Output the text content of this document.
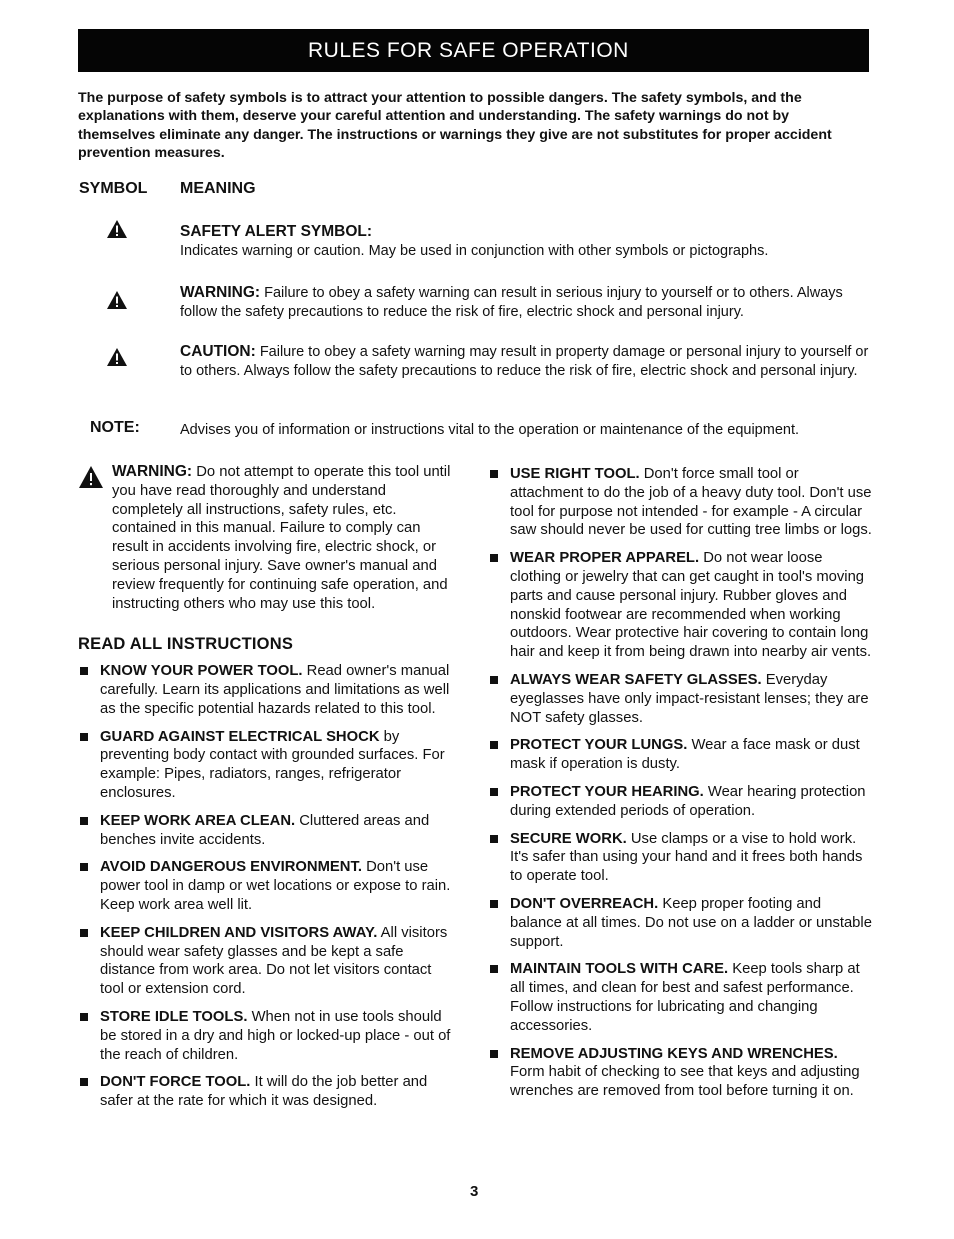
RULES FOR SAFE OPERATION
The purpose of safety symbols is to attract your attention to possible dangers. The safety symbols, and the explanations with them, deserve your careful attention and understanding. The safety warnings do not by themselves eliminate any danger. The instructions or warnings they give are not substitutes for proper accident prevention measures.
SYMBOL MEANING
SAFETY ALERT SYMBOL:
Indicates warning or caution. May be used in conjunction with other symbols or pictographs.
WARNING: Failure to obey a safety warning can result in serious injury to yourself or to others. Always follow the safety precautions to reduce the risk of fire, electric shock and personal injury.
CAUTION: Failure to obey a safety warning may result in property damage or personal injury to yourself or to others. Always follow the safety precautions to reduce the risk of fire, electric shock and personal injury.
NOTE:	Advises you of information or instructions vital to the operation or maintenance of the equipment.
WARNING: Do not attempt to operate this tool until you have read thoroughly and understand completely all instructions, safety rules, etc. contained in this manual. Failure to comply can result in accidents involving fire, electric shock, or serious personal injury. Save owner's manual and review frequently for continuing safe operation, and instructing others who may use this tool.
READ ALL INSTRUCTIONS
KNOW YOUR POWER TOOL. Read owner's manual carefully. Learn its applications and limitations as well as the specific potential hazards related to this tool.
GUARD AGAINST ELECTRICAL SHOCK by preventing body contact with grounded surfaces. For example: Pipes, radiators, ranges, refrigerator enclosures.
KEEP WORK AREA CLEAN. Cluttered areas and benches invite accidents.
AVOID DANGEROUS ENVIRONMENT. Don't use power tool in damp or wet locations or expose to rain. Keep work area well lit.
KEEP CHILDREN AND VISITORS AWAY. All visitors should wear safety glasses and be kept a safe distance from work area. Do not let visitors contact tool or extension cord.
STORE IDLE TOOLS. When not in use tools should be stored in a dry and high or locked-up place - out of the reach of children.
DON'T FORCE TOOL. It will do the job better and safer at the rate for which it was designed.
USE RIGHT TOOL. Don't force small tool or attachment to do the job of a heavy duty tool. Don't use tool for purpose not intended - for example - A circular saw should never be used for cutting tree limbs or logs.
WEAR PROPER APPAREL. Do not wear loose clothing or jewelry that can get caught in tool's moving parts and cause personal injury. Rubber gloves and nonskid footwear are recommended when working outdoors. Wear protective hair covering to contain long hair and keep it from being drawn into nearby air vents.
ALWAYS WEAR SAFETY GLASSES. Everyday eyeglasses have only impact-resistant lenses; they are NOT safety glasses.
PROTECT YOUR LUNGS. Wear a face mask or dust mask if operation is dusty.
PROTECT YOUR HEARING. Wear hearing protection during extended periods of operation.
SECURE WORK. Use clamps or a vise to hold work. It's safer than using your hand and it frees both hands to operate tool.
DON'T OVERREACH. Keep proper footing and balance at all times. Do not use on a ladder or unstable support.
MAINTAIN TOOLS WITH CARE. Keep tools sharp at all times, and clean for best and safest performance. Follow instructions for lubricating and changing accessories.
REMOVE ADJUSTING KEYS AND WRENCHES. Form habit of checking to see that keys and adjusting wrenches are removed from tool before turning it on.
3
